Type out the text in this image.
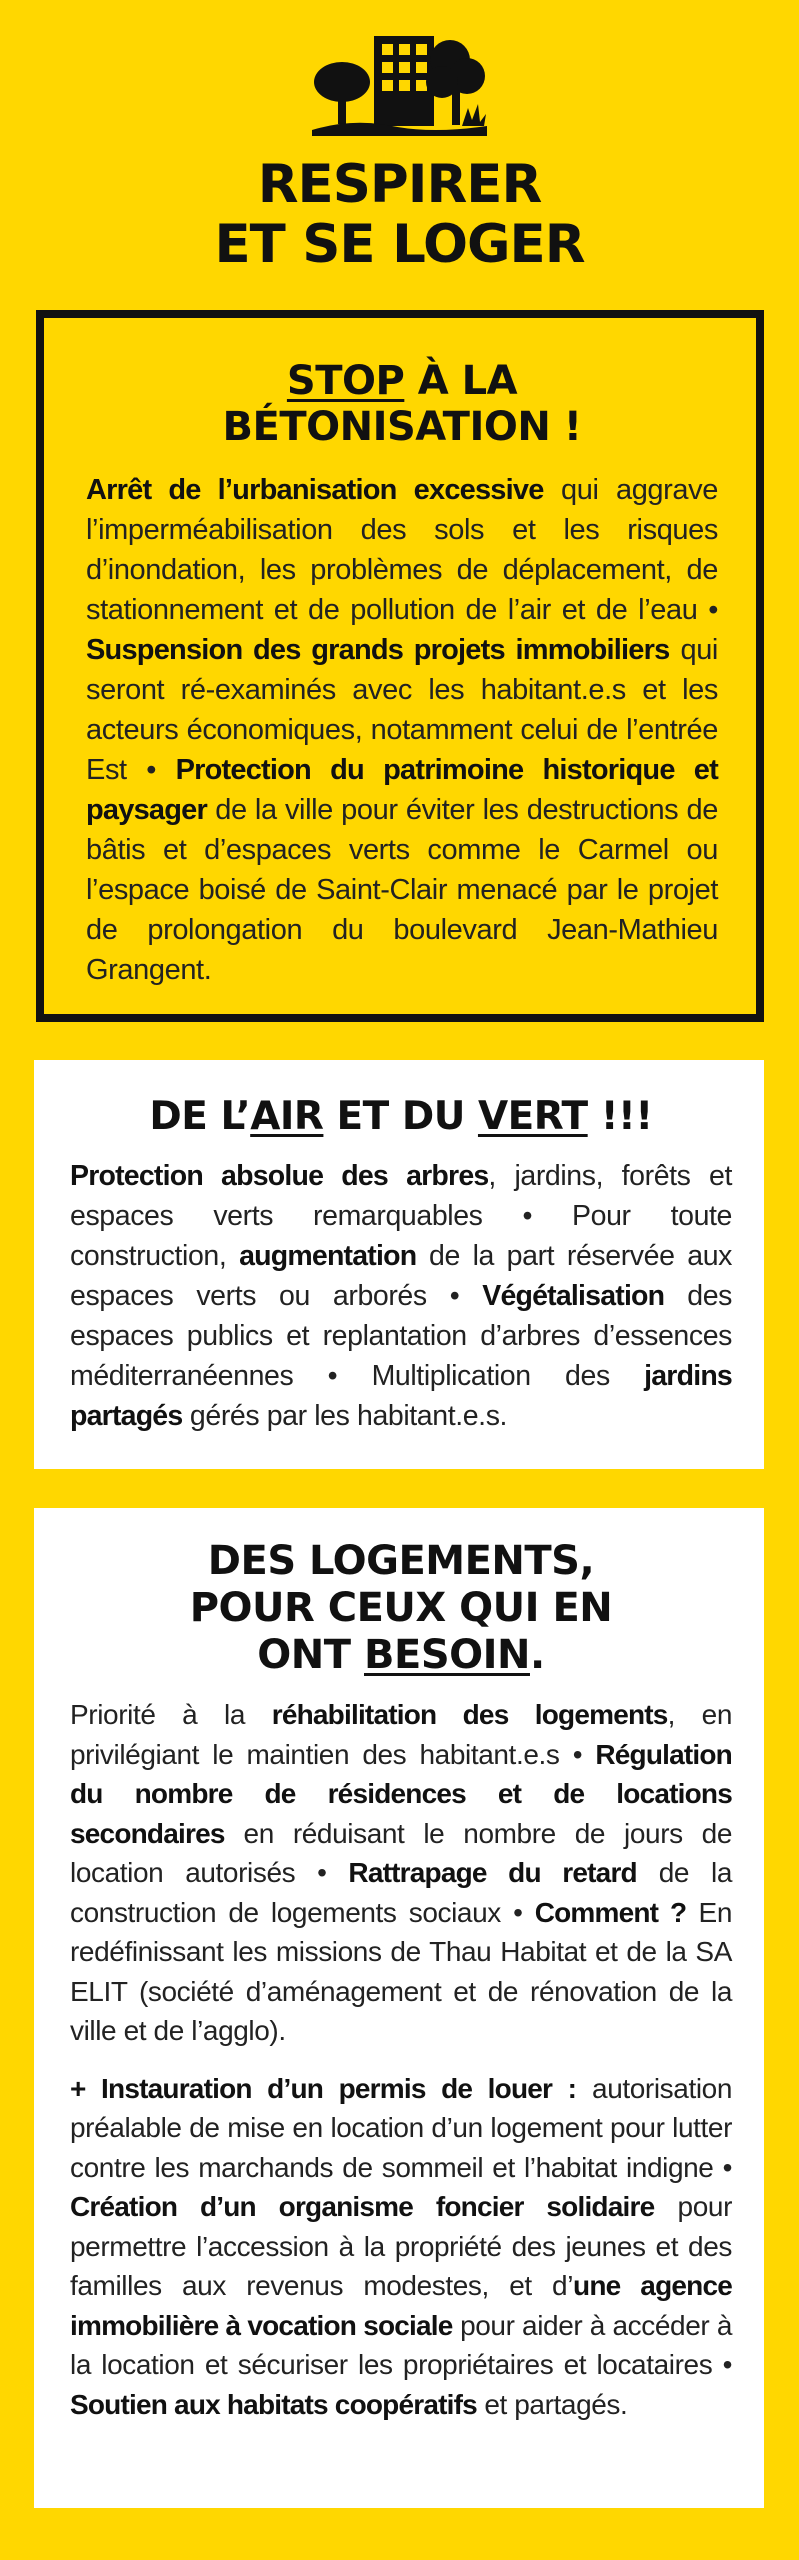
RESPIRER
ET SE LOGER
STOP À LA
BÉTONISATION !

Arrêt de l’urbanisation excessive qui aggrave l’imperméabilisation des sols et les risques d’inondation, les problèmes de déplacement, de stationnement et de pollution de l’air et de l’eau • Suspension des grands projets immobiliers qui seront ré-examinés avec les habitant.e.s et les acteurs économiques, notamment celui de l’entrée Est • Protection du patrimoine historique et paysager de la ville pour éviter les destructions de bâtis et d’espaces verts comme le Carmel ou l’espace boisé de Saint-Clair menacé par le projet de prolongation du boulevard Jean-Mathieu Grangent.

DE L’AIR ET DU VERT !!!

Protection absolue des arbres, jardins, forêts et espaces verts remarquables • Pour toute construction, augmentation de la part réservée aux espaces verts ou arborés • Végétalisation des espaces publics et replantation d’arbres d’essences méditerranéennes • Multiplication des jardins partagés gérés par les habitant.e.s.

DES LOGEMENTS,
POUR CEUX QUI EN
ONT BESOIN.

Priorité à la réhabilitation des logements, en privilégiant le maintien des habitant.e.s • Régulation du nombre de résidences et de locations secondaires en réduisant le nombre de jours de location autorisés • Rattrapage du retard de la construction de logements sociaux • Comment ? En redéfinissant les missions de Thau Habitat et de la SA ELIT (société d’aménagement et de rénovation de la ville et de l’agglo).

+ Instauration d’un permis de louer : autorisation préalable de mise en location d’un logement pour lutter contre les marchands de sommeil et l’habitat indigne • Création d’un organisme foncier solidaire pour permettre l’accession à la propriété des jeunes et des familles aux revenus modestes, et d’une agence immobilière à vocation sociale pour aider à accéder à la location et sécuriser les propriétaires et locataires • Soutien aux habitats coopératifs et partagés.
